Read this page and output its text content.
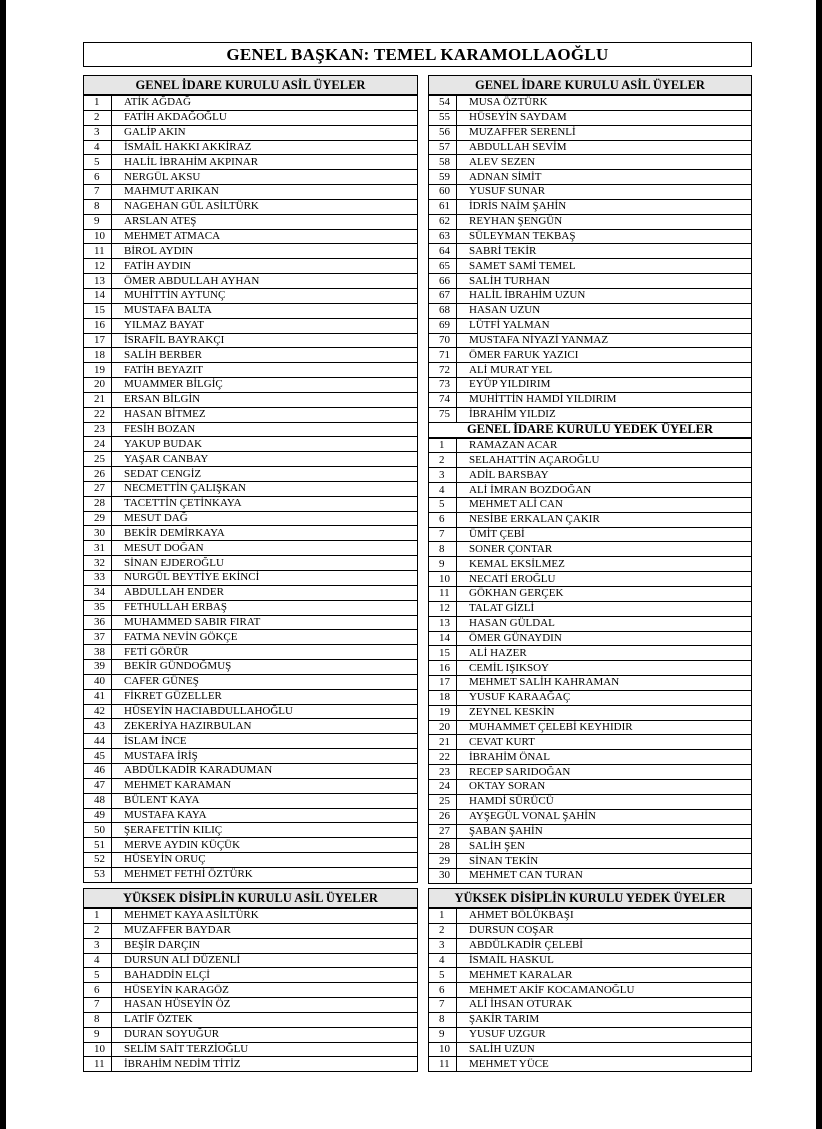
GENEL BAŞKAN: TEMEL KARAMOLLAOĞLU
GENEL İDARE KURULU ASİL ÜYELER
1	ATİK AĞDAĞ
2	FATİH AKDAĞOĞLU
3	GALİP AKIN
4	İSMAİL HAKKI AKKİRAZ
5	HALİL İBRAHİM AKPINAR
6	NERGÜL AKSU
7	MAHMUT ARIKAN
8	NAGEHAN GÜL ASİLTÜRK
9	ARSLAN ATEŞ
10	MEHMET ATMACA
11	BİROL AYDIN
12	FATİH AYDIN
13	ÖMER ABDULLAH AYHAN
14	MUHİTTİN AYTUNÇ
15	MUSTAFA BALTA
16	YILMAZ BAYAT
17	İSRAFİL BAYRAKÇI
18	SALİH BERBER
19	FATİH BEYAZIT
20	MUAMMER BİLGİÇ
21	ERSAN BİLGİN
22	HASAN BİTMEZ
23	FESİH BOZAN
24	YAKUP BUDAK
25	YAŞAR CANBAY
26	SEDAT CENGİZ
27	NECMETTİN ÇALIŞKAN
28	TACETTİN ÇETİNKAYA
29	MESUT DAĞ
30	BEKİR DEMİRKAYA
31	MESUT DOĞAN
32	SİNAN EJDEROĞLU
33	NURGÜL BEYTİYE EKİNCİ
34	ABDULLAH ENDER
35	FETHULLAH ERBAŞ
36	MUHAMMED SABIR FIRAT
37	FATMA NEVİN GÖKÇE
38	FETİ GÖRÜR
39	BEKİR GÜNDOĞMUŞ
40	CAFER GÜNEŞ
41	FİKRET GÜZELLER
42	HÜSEYİN HACIABDULLAHOĞLU
43	ZEKERİYA HAZIRBULAN
44	İSLAM İNCE
45	MUSTAFA İRİŞ
46	ABDÜLKADİR KARADUMAN
47	MEHMET KARAMAN
48	BÜLENT KAYA
49	MUSTAFA KAYA
50	ŞERAFETTİN KILIÇ
51	MERVE AYDIN KÜÇÜK
52	HÜSEYİN ORUÇ
53	MEHMET FETHİ ÖZTÜRK
GENEL İDARE KURULU ASİL ÜYELER
54	MUSA ÖZTÜRK
55	HÜSEYİN SAYDAM
56	MUZAFFER SERENLİ
57	ABDULLAH SEVİM
58	ALEV SEZEN
59	ADNAN SİMİT
60	YUSUF SUNAR
61	İDRİS NAİM ŞAHİN
62	REYHAN ŞENGÜN
63	SÜLEYMAN TEKBAŞ
64	SABRİ TEKİR
65	SAMET SAMİ TEMEL
66	SALİH TURHAN
67	HALİL İBRAHİM UZUN
68	HASAN UZUN
69	LÜTFİ YALMAN
70	MUSTAFA NİYAZİ YANMAZ
71	ÖMER FARUK YAZICI
72	ALİ MURAT YEL
73	EYÜP YILDIRIM
74	MUHİTTİN HAMDİ YILDIRIM
75	İBRAHİM YILDIZ
GENEL İDARE KURULU YEDEK ÜYELER
1	RAMAZAN ACAR
2	SELAHATTİN AÇAROĞLU
3	ADİL BARSBAY
4	ALİ İMRAN BOZDOĞAN
5	MEHMET ALİ CAN
6	NESİBE ERKALAN ÇAKIR
7	ÜMİT ÇEBİ
8	SONER ÇONTAR
9	KEMAL EKSİLMEZ
10	NECATİ EROĞLU
11	GÖKHAN GERÇEK
12	TALAT GİZLİ
13	HASAN GÜLDAL
14	ÖMER GÜNAYDIN
15	ALİ HAZER
16	CEMİL IŞIKSOY
17	MEHMET SALİH KAHRAMAN
18	YUSUF KARAAĞAÇ
19	ZEYNEL KESKİN
20	MUHAMMET ÇELEBİ KEYHIDIR
21	CEVAT KURT
22	İBRAHİM ÖNAL
23	RECEP SARIDOĞAN
24	OKTAY SORAN
25	HAMDİ SÜRÜCÜ
26	AYŞEGÜL VONAL ŞAHİN
27	ŞABAN ŞAHİN
28	SALİH ŞEN
29	SİNAN TEKİN
30	MEHMET CAN TURAN
YÜKSEK DİSİPLİN KURULU ASİL ÜYELER
1	MEHMET KAYA ASİLTÜRK
2	MUZAFFER BAYDAR
3	BEŞİR DARÇIN
4	DURSUN ALİ DÜZENLİ
5	BAHADDİN ELÇİ
6	HÜSEYİN KARAGÖZ
7	HASAN HÜSEYİN ÖZ
8	LATİF ÖZTEK
9	DURAN SOYUĞUR
10	SELİM SAİT TERZİOĞLU
11	İBRAHİM NEDİM TİTİZ
YÜKSEK DİSİPLİN KURULU YEDEK ÜYELER
1	AHMET BÖLÜKBAŞI
2	DURSUN COŞAR
3	ABDÜLKADİR ÇELEBİ
4	İSMAİL HASKUL
5	MEHMET KARALAR
6	MEHMET AKİF KOCAMANOĞLU
7	ALİ İHSAN OTURAK
8	ŞAKİR TARIM
9	YUSUF UZGUR
10	SALİH UZUN
11	MEHMET YÜCE
